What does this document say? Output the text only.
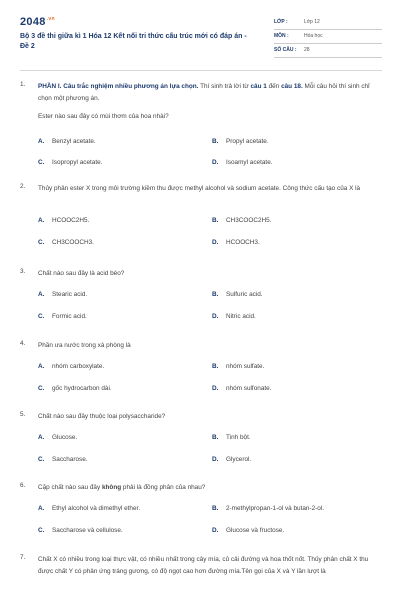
$2048^{.vn}$
Bộ 3 đề thi giữa kì 1 Hóa 12 Kết nối tri thức cấu trúc mới có đáp án - Đề 2
LỚP :	Lớp 12
MÔN :	Hóa học
SỐ CÂU : 28
1. PHẦN I. Câu trắc nghiệm nhiều phương án lựa chọn. Thí sinh trả lời từ câu 1 đến câu 18. Mỗi câu hỏi thí sinh chỉ chọn một phương án.
Ester nào sau đây có mùi thơm của hoa nhài?
A. Benzyl acetate.	B. Propyl acetate.
C. Isopropyl acetate.	D. Isoamyl acetate.
2. Thủy phân ester X trong môi trường kiềm thu được methyl alcohol và sodium acetate. Công thức cấu tạo của X là
A. HCOOC2H5.	B. CH3COOC2H5.
C. CH3COOCH3.	D. HCOOCH3.
3. Chất nào sau đây là acid béo?
A. Stearic acid.	B. Sulfuric acid.
C. Formic acid.	D. Nitric acid.
4. Phần ưa nước trong xà phòng là
A. nhóm carboxylate.	B. nhóm sulfate.
C. gốc hydrocarbon dài.	D. nhóm sulfonate.
5. Chất nào sau đây thuộc loại polysaccharide?
A. Glucose.	B. Tinh bột.
C. Saccharose.	D. Glycerol.
6. Cặp chất nào sau đây không phải là đồng phân của nhau?
A. Ethyl alcohol và dimethyl ether.	B. 2-methylpropan-1-ol và butan-2-ol.
C. Saccharose và cellulose.	D. Glucose và fructose.
7. Chất X có nhiều trong loại thực vật, có nhiều nhất trong cây mía, củ cải đường và hoa thốt nốt. Thủy phân chất X thu được chất Y có phản ứng tráng gương, có độ ngọt cao hơn đường mía.Tên gọi của X và Y lần lượt là
